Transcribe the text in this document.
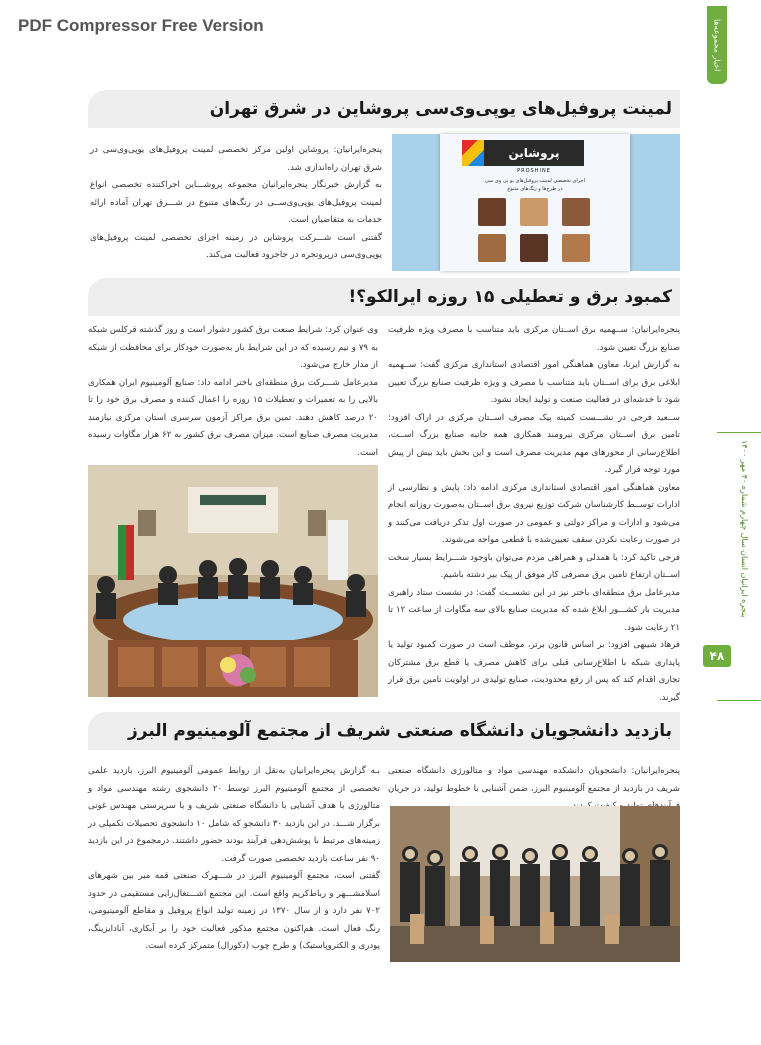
PDF Compressor Free Version	اخبار مجموعه‌ها
پنجره ایرانیان انسان سال چهارم شماره ۴۰ مهر ۱۴۰۰
۴۸
لمینت پروفیل‌های یوپی‌وی‌سی پروشاین در شرق تهران
پروشاین
PROSHINE
اجرای تخصصی لمینت پروفیل‌های یو پی وی سی
در طرح‌ها و رنگ‌های متنوع

پنجره‌ایرانیان: پروشاین اولین مرکز تخصصی لمینت پروفیل‌های یوپی‌وی‌سی در شرق تهران راه‌اندازی شد.

به گزارش خبرنگار پنجره‌ایرانیان مجموعه پروشـــاین اجرا‌کننده تخصصی انواع لمینت پروفیل‌های یوپی‌وی‌ســی در رنگ‌های متنوع در شـــرق تهران آماده ارائه خدمات به متقاضیان است.

گفتنی است شـــرکت پروشاین در زمینه اجرای تخصصی لمینت پروفیل‌های یوپی‌وی‌سی درپروتجره در جاجرود فعالیت می‌کند.

کمبود برق و تعطیلی ۱۵ روزه ایرالکو؟!

پنجره‌ایرانیان: ســهمیه برق اســتان مرکزی باید متناسب با مصرف ویژه ظرفیت صنایع بزرگ تعیین شود.

به گزارش ایرنا، معاون هماهنگی امور اقتصادی استانداری مرکزی گفت: ســهمیه ابلاغی برق برای اســتان باید متناسب با مصرف و ویژه ظرفیت صنایع بزرگ تعیین شود تا خدشه‌ای در فعالیت صنعت و تولید ایجاد نشود.

ســعید فرجی در نشـــست کمیته پیک مصرف اســتان مرکزی در اراک افزود: تامین برق اســتان مرکزی نیرومند همکاری همه جانبه صنایع بزرگ اســت، اطلاع‌رسانی از محورهای مهم مدیریت مصرف است و این بخش باید بیش از پیش مورد توجه قرار گیرد.

معاون هماهنگی امور اقتصادی استانداری مرکزی ادامه داد: پایش و نظارسی از ادارات توســط کارشناسان شرکت توزیع نیروی برق اســتان به‌صورت روزانه انجام می‌شود و ادارات و مراکز دولتی و عمومی در صورت اول تذکر دریافت می‌کنند و در صورت رعایت نکردن سقف تعیین‌شده با قطعی مواجه می‌شوند.

فرجی تاکید کرد: با همدلی و همراهی مردم می‌توان باوجود شـــرایط بسیار سخت اســتان ارتفاع تامین برق مصرفی کار موفق از پیک بیر دشته باشیم.

مدیرعامل برق منطقه‌ای باختر نیز در این نشســت گفت: در نشست ستاد راهبری مدیریت بار کشـــور ابلاغ شده که مدیریت صنایع بالای سه مگاوات از ساعت ۱۲ تا ۲۱ رعایت شود.

فرهاد شیبهی افزود: بر اساس قانون برتر، موظف است در صورت کمبود تولید یا پایداری شبکه با اطلاع‌رسانی قبلی برای کاهش مصرف یا قطع برق مشترکان تجاری اقدام کند که پس از رفع محدودیت، صنایع تولیدی در اولویت تامین برق قرار گیرند.

وی عنوان کرد: شرایط صنعت برق کشور دشوار است و روز گذشته قرکلس شبکه به ۷۹ و نیم رسیده که در این شرایط بار به‌صورت خودکار برای محافظت از شبکه از مدار خارج می‌شود.

مدیرعامل شـــرکت برق منطقه‌ای باختر ادامه داد: صنایع آلومینیوم ایران همکاری بالایی را به تعمیرات و تعطیلات ۱۵ روزه را اعمال کننده و مصرف برق خود را تا ۲۰ درصد کاهش دهند. تمین برق مراکز آزمون سرسری استان مرکزی نیازمند مدیریت مصرف صنایع است. میزان مصرف برق کشور به ۶۲ هزار مگاوات رسیده است.

بازدید دانشجویان دانشگاه صنعتی شریف از مجتمع آلومینیوم البرز

پنجره‌ایرانیان: دانشجویان دانشکده مهندسی مواد و متالورژی دانشگاه صنعتی شریف در بازدید از مجتمع آلومینیوم البرز، ضمن آشنایی با خطوط تولید، در جریان

بـه گزارش پنجره‌ایرانیان به‌نقل از روابط عمومی آلومینیوم البرز، بازدید علمی تخصصی از مجتمع آلومینیوم البرز توسط ۲۰ دانشجوی رشته مهندسی مواد و متالورژی با هدف آشنایی با دانشگاه صنعتی شریف و با سرپرستی مهندس غونی برگزار شـــد. در این بازدید ۳۰ دانشجو که شامل ۱۰ دانشجوی تحصیلات تکمیلی در زمینه‌های مرتبط با پوشش‌دهی فرآیند بودند حضور داشتند. درمجموع در این بازدید ۹۰ نفر ساعت بازدید تخصصی صورت گرفت.

گفتنی است، مجتمع آلومینیوم البرز در شـــهرک صنعتی قمه میر بین شهرهای اسلامشـــهر و رباط‌کریم واقع است. این مجتمع اشـــتغال‌زایی مستقیمی در حدود ۷۰۲ نفر دارد و از سال ۱۳۷۰ در زمینه تولید انواع پروفیل و مقاطع آلومینیومی، رنگ فعال است. هم‌اکنون مجتمع مذکور فعالیت خود را بر آبکاری، آنادایزینگ، پودری و الکتروپاستیک) و طرح چوب (دکورال) متمرکز کرده است.
